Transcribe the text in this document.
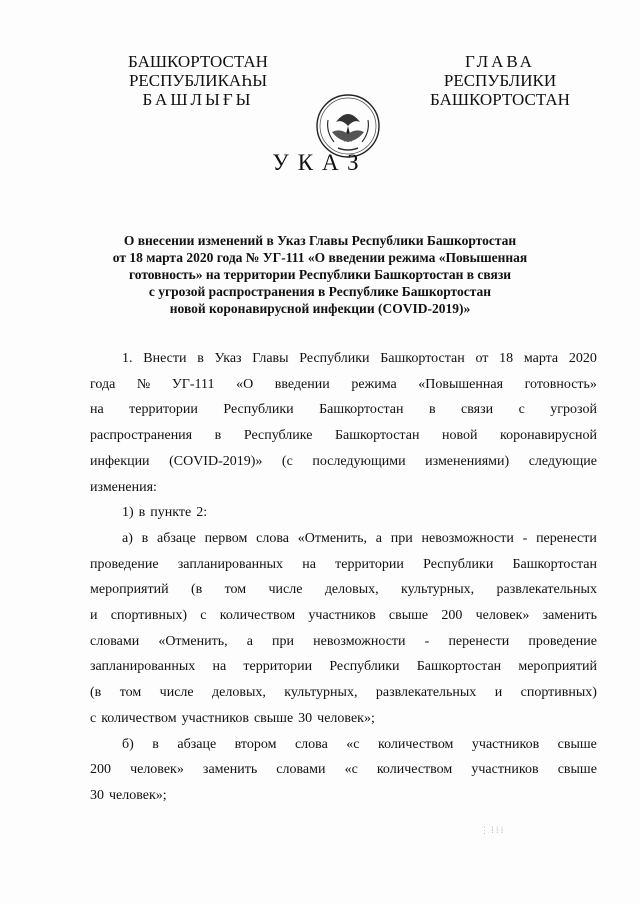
БАШКОРТОСТАН
РЕСПУБЛИКАҺЫ
БАШЛЫҒЫ
ГЛАВА
РЕСПУБЛИКИ
БАШКОРТОСТАН
УКАЗ
О внесении изменений в Указ Главы Республики Башкортостан
от 18 марта 2020 года № УГ-111 «О введении режима «Повышенная
готовность» на территории Республики Башкортостан в связи
с угрозой распространения в Республике Башкортостан
новой коронавирусной инфекции (COVID-2019)»
1. Внести в Указ Главы Республики Башкортостан от 18 марта 2020
года № УГ-111 «О введении режима «Повышенная готовность»
на территории Республики Башкортостан в связи с угрозой
распространения в Республике Башкортостан новой коронавирусной
инфекции (COVID-2019)» (с последующими изменениями) следующие
изменения:
1) в пункте 2:
а) в абзаце первом слова «Отменить, а при невозможности - перенести
проведение запланированных на территории Республики Башкортостан
мероприятий (в том числе деловых, культурных, развлекательных
и спортивных) с количеством участников свыше 200 человек» заменить
словами «Отменить, а при невозможности - перенести проведение
запланированных на территории Республики Башкортостан мероприятий
(в том числе деловых, культурных, развлекательных и спортивных)
с количеством участников свыше 30 человек»;
б) в абзаце втором слова «с количеством участников свыше
200 человек» заменить словами «с количеством участников свыше
30 человек»;
⋮ ⁞ ⁞ ⁞
